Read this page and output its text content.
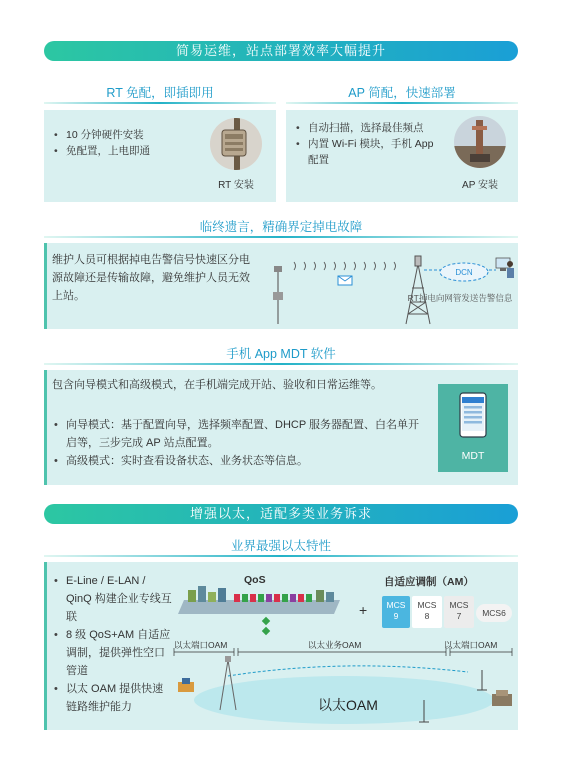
简易运维，站点部署效率大幅提升
RT 免配，即插即用	AP 简配，快速部署
• 10 分钟硬件安装
• 免配置，上电即通
RT 安装
• 自动扫描，选择最佳频点
• 内置 Wi-Fi 模块，手机 App 配置
AP 安装
临终遗言，精确界定掉电故障
维护人员可根据掉电告警信号快速区分电源故障还是传输故障，避免维护人员无效上站。
DCN
RT掉电向网管发送告警信息
手机 App MDT 软件
包含向导模式和高级模式，在手机端完成开站、验收和日常运维等。
• 向导模式：基于配置向导，选择频率配置、DHCP 服务器配置、白名单开启等，三步完成 AP 站点配置。
• 高级模式：实时查看设备状态、业务状态等信息。	MDT
增强以太，适配多类业务诉求
业界最强以太特性
• E-Line / E-LAN / QinQ 构建企业专线互联
• 8 级 QoS+AM 自适应调制，提供弹性空口管道
• 以太 OAM 提供快速链路维护能力
QoS
+
自适应调制（AM）
MCS
9
MCS
8
MCS
7	MCS6
以太端口OAM	以太业务OAM	以太端口OAM
以太OAM
